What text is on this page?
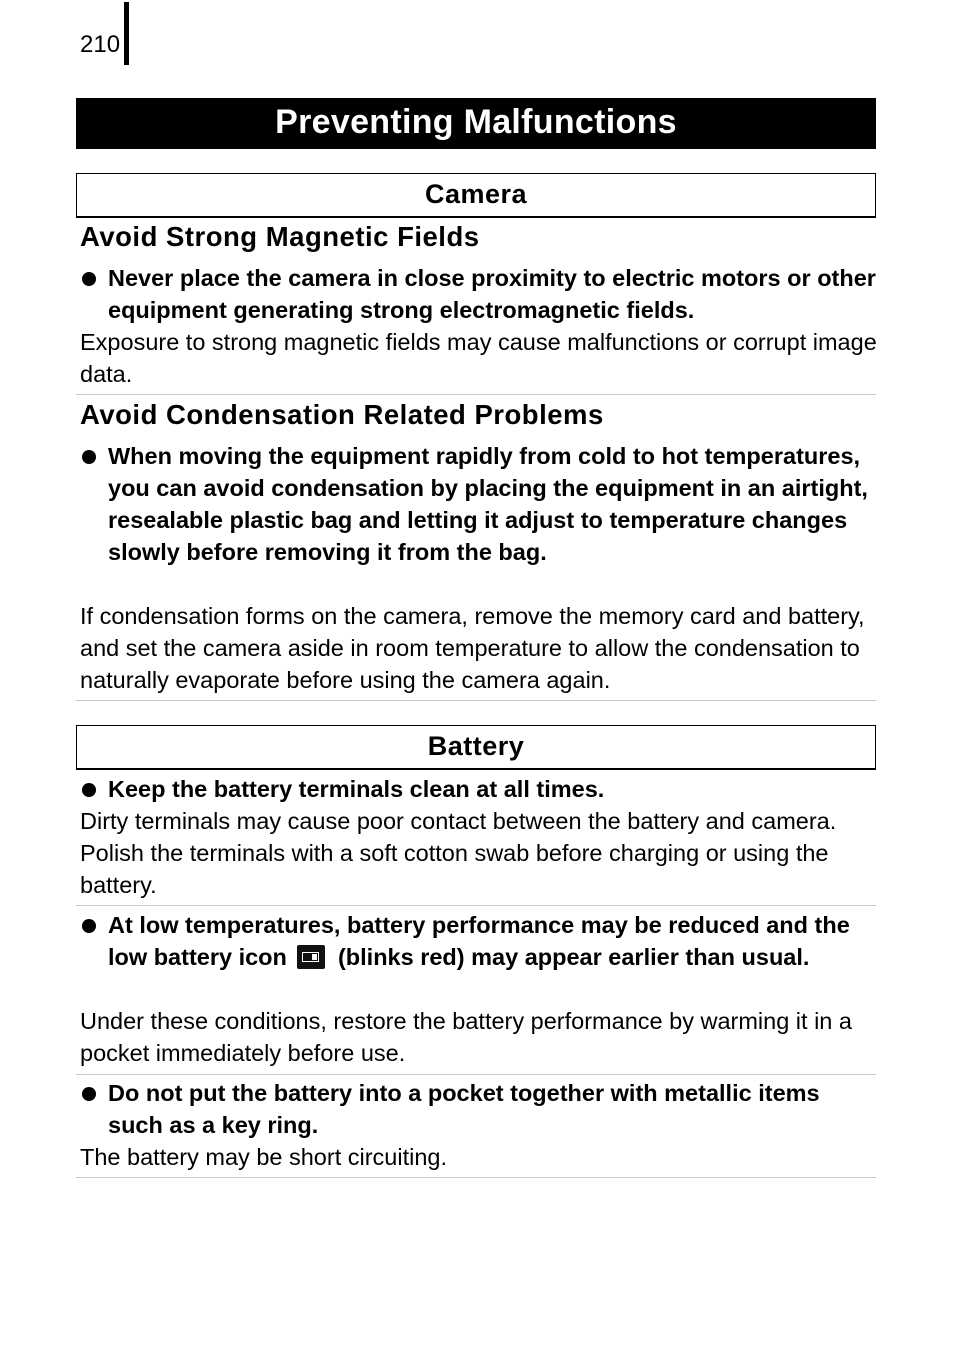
210
Preventing Malfunctions
Camera
Avoid Strong Magnetic Fields
Never place the camera in close proximity to electric motors or other equipment generating strong electromagnetic fields.
Exposure to strong magnetic fields may cause malfunctions or corrupt image data.
Avoid Condensation Related Problems
When moving the equipment rapidly from cold to hot temperatures, you can avoid condensation by placing the equipment in an airtight, resealable plastic bag and letting it adjust to temperature changes slowly before removing it from the bag.
If condensation forms on the camera, remove the memory card and battery, and set the camera aside in room temperature to allow the condensation to naturally evaporate before using the camera again.
Battery
Keep the battery terminals clean at all times.
Dirty terminals may cause poor contact between the battery and camera. Polish the terminals with a soft cotton swab before charging or using the battery.
At low temperatures, battery performance may be reduced and the low battery icon (blinks red) may appear earlier than usual.
Under these conditions, restore the battery performance by warming it in a pocket immediately before use.
Do not put the battery into a pocket together with metallic items such as a key ring.
The battery may be short circuiting.
